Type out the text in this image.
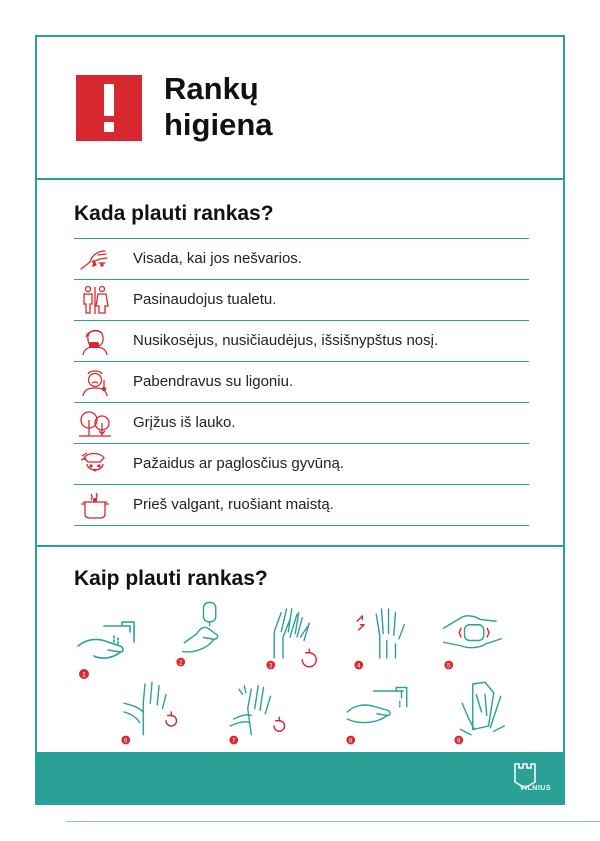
Rankų
higiena
Kada plauti rankas?
Visada, kai jos nešvarios.
Pasinaudojus tualetu.
Nusikosėjus, nusičiaudėjus, išsišnypštus nosį.
Pabendravus su ligoniu.
Grįžus iš lauko.
Pažaidus ar paglosčius gyvūną.
Prieš valgant, ruošiant maistą.
Kaip plauti rankas?
1
2	3	4	5
6	7	8	9
VILNIUS
